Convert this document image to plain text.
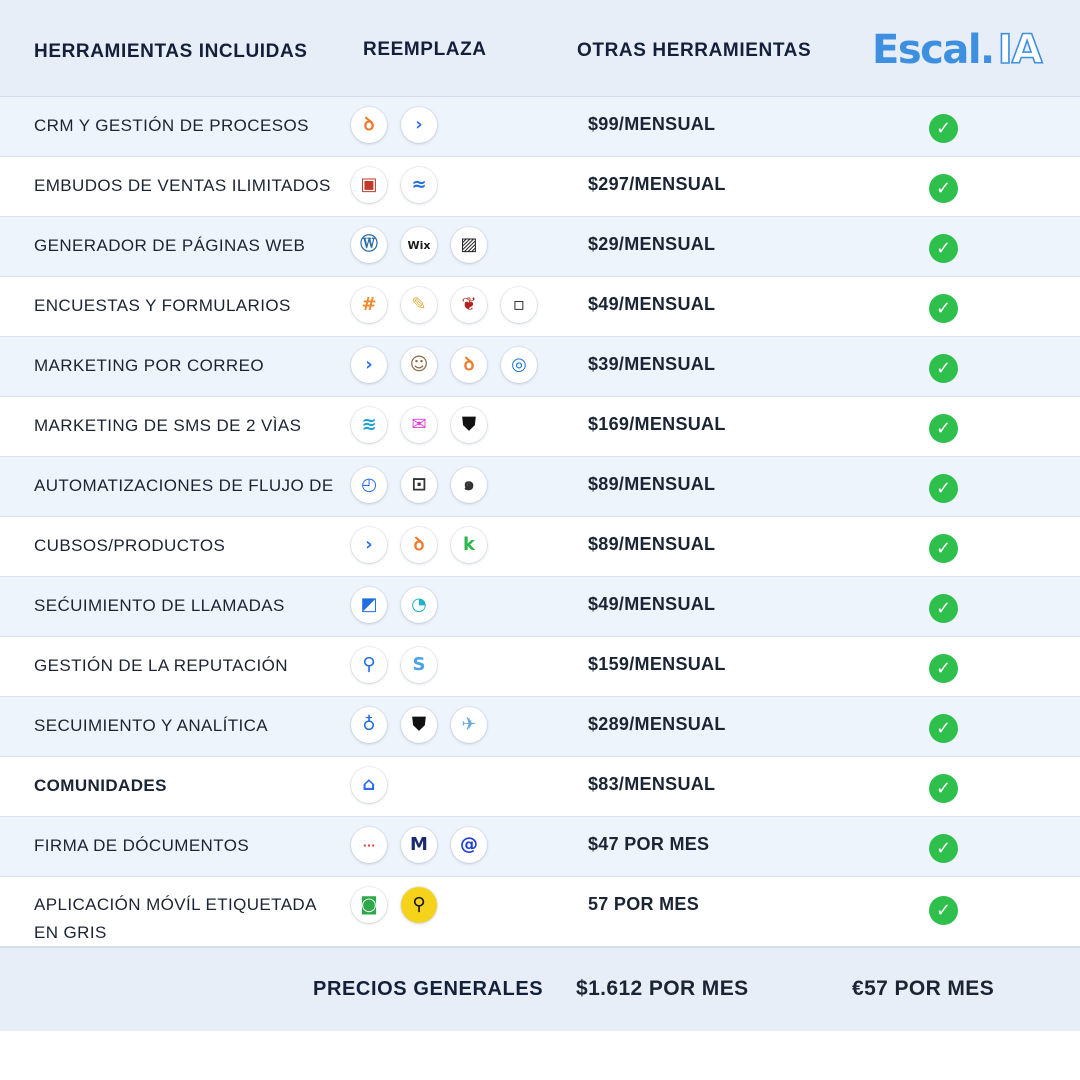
HERRAMIENTAS INCLUIDAS	REEMPLAZA	OTRAS HERRAMIENTAS Escal. IA
CRM Y GESTIÓN DE PROCESOS	ꝺ	›	$99/MENSUAL	✓
EMBUDOS DE VENTAS ILIMITADOS	▣	≈	$297/MENSUAL	✓
GENERADOR DE PÁGINAS WEB	Ⓦ	Wix	▨	$29/MENSUAL	✓
ENCUESTAS Y FORMULARIOS	#	✎	❦	▫	$49/MENSUAL	✓
MARKETING POR CORREO	›	☺	ꝺ	◎	$39/MENSUAL	✓
MARKETING DE SMS DE 2 VÌAS	≋	✉	⛊	$169/MENSUAL	✓
AUTOMATIZACIONES DE FLUJO DE	◴	⊡	๑	$89/MENSUAL	✓
CUBSOS/PRODUCTOS	›	ꝺ	k	$89/MENSUAL	✓
SEĆUIMIENTO DE LLAMADAS	◩	◔	$49/MENSUAL	✓
GESTIÓN DE LA REPUTACIÓN	⚲	S	$159/MENSUAL	✓
SECUIMIENTO Y ANALÍTICA	♁	⛊	✈	$289/MENSUAL	✓
COMUNIDADES	⌂	$83/MENSUAL	✓
FIRMA DE DÓCUMENTOS	···	M	@	$47 POR MES	✓
APLICACIÓN MÓVÍL ETIQUETADA EN GRIS
◙	⚲	57 POR MES	✓
PRECIOS GENERALES $1.612 POR MES	€57 POR MES
